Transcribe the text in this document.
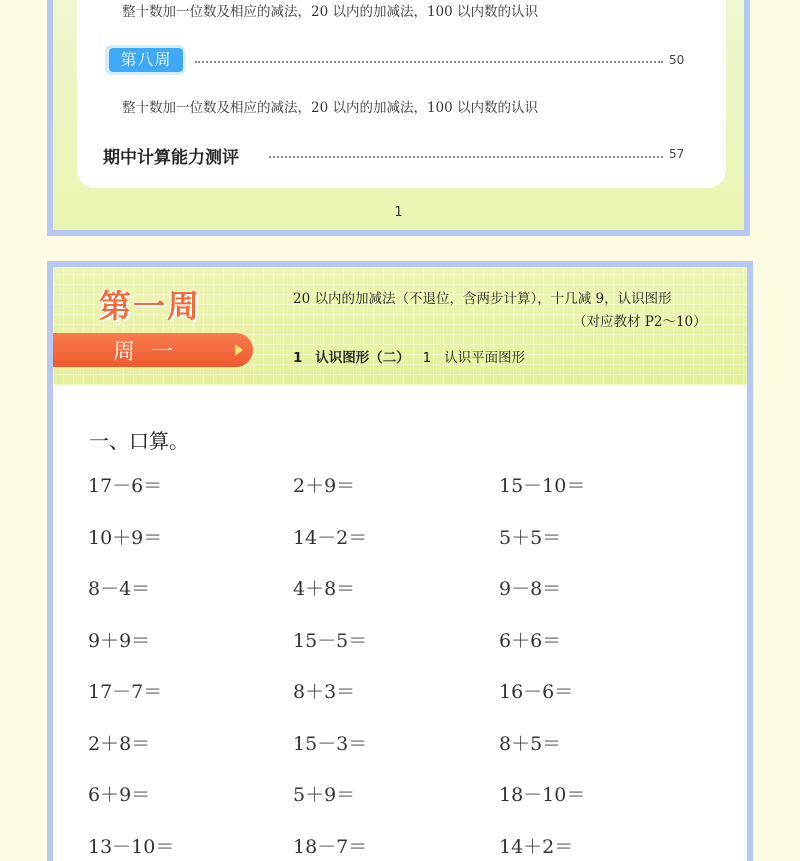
整十数加一位数及相应的减法，20 以内的加减法，100 以内数的认识
第八周	50
整十数加一位数及相应的减法，20 以内的加减法，100 以内数的认识
期中计算能力测评	57
1
第一周
周一
20 以内的加减法（不退位，含两步计算），十几减 9，认识图形
（对应教材 P2～10）
1 认识图形（二） 1 认识平面图形
一、口算。
17－6＝	2＋9＝	15－10＝
10＋9＝	14－2＝	5＋5＝
8－4＝	4＋8＝	9－8＝
9＋9＝	15－5＝	6＋6＝
17－7＝	8＋3＝	16－6＝
2＋8＝	15－3＝	8＋5＝
6＋9＝	5＋9＝	18－10＝
13－10＝	18－7＝	14＋2＝
